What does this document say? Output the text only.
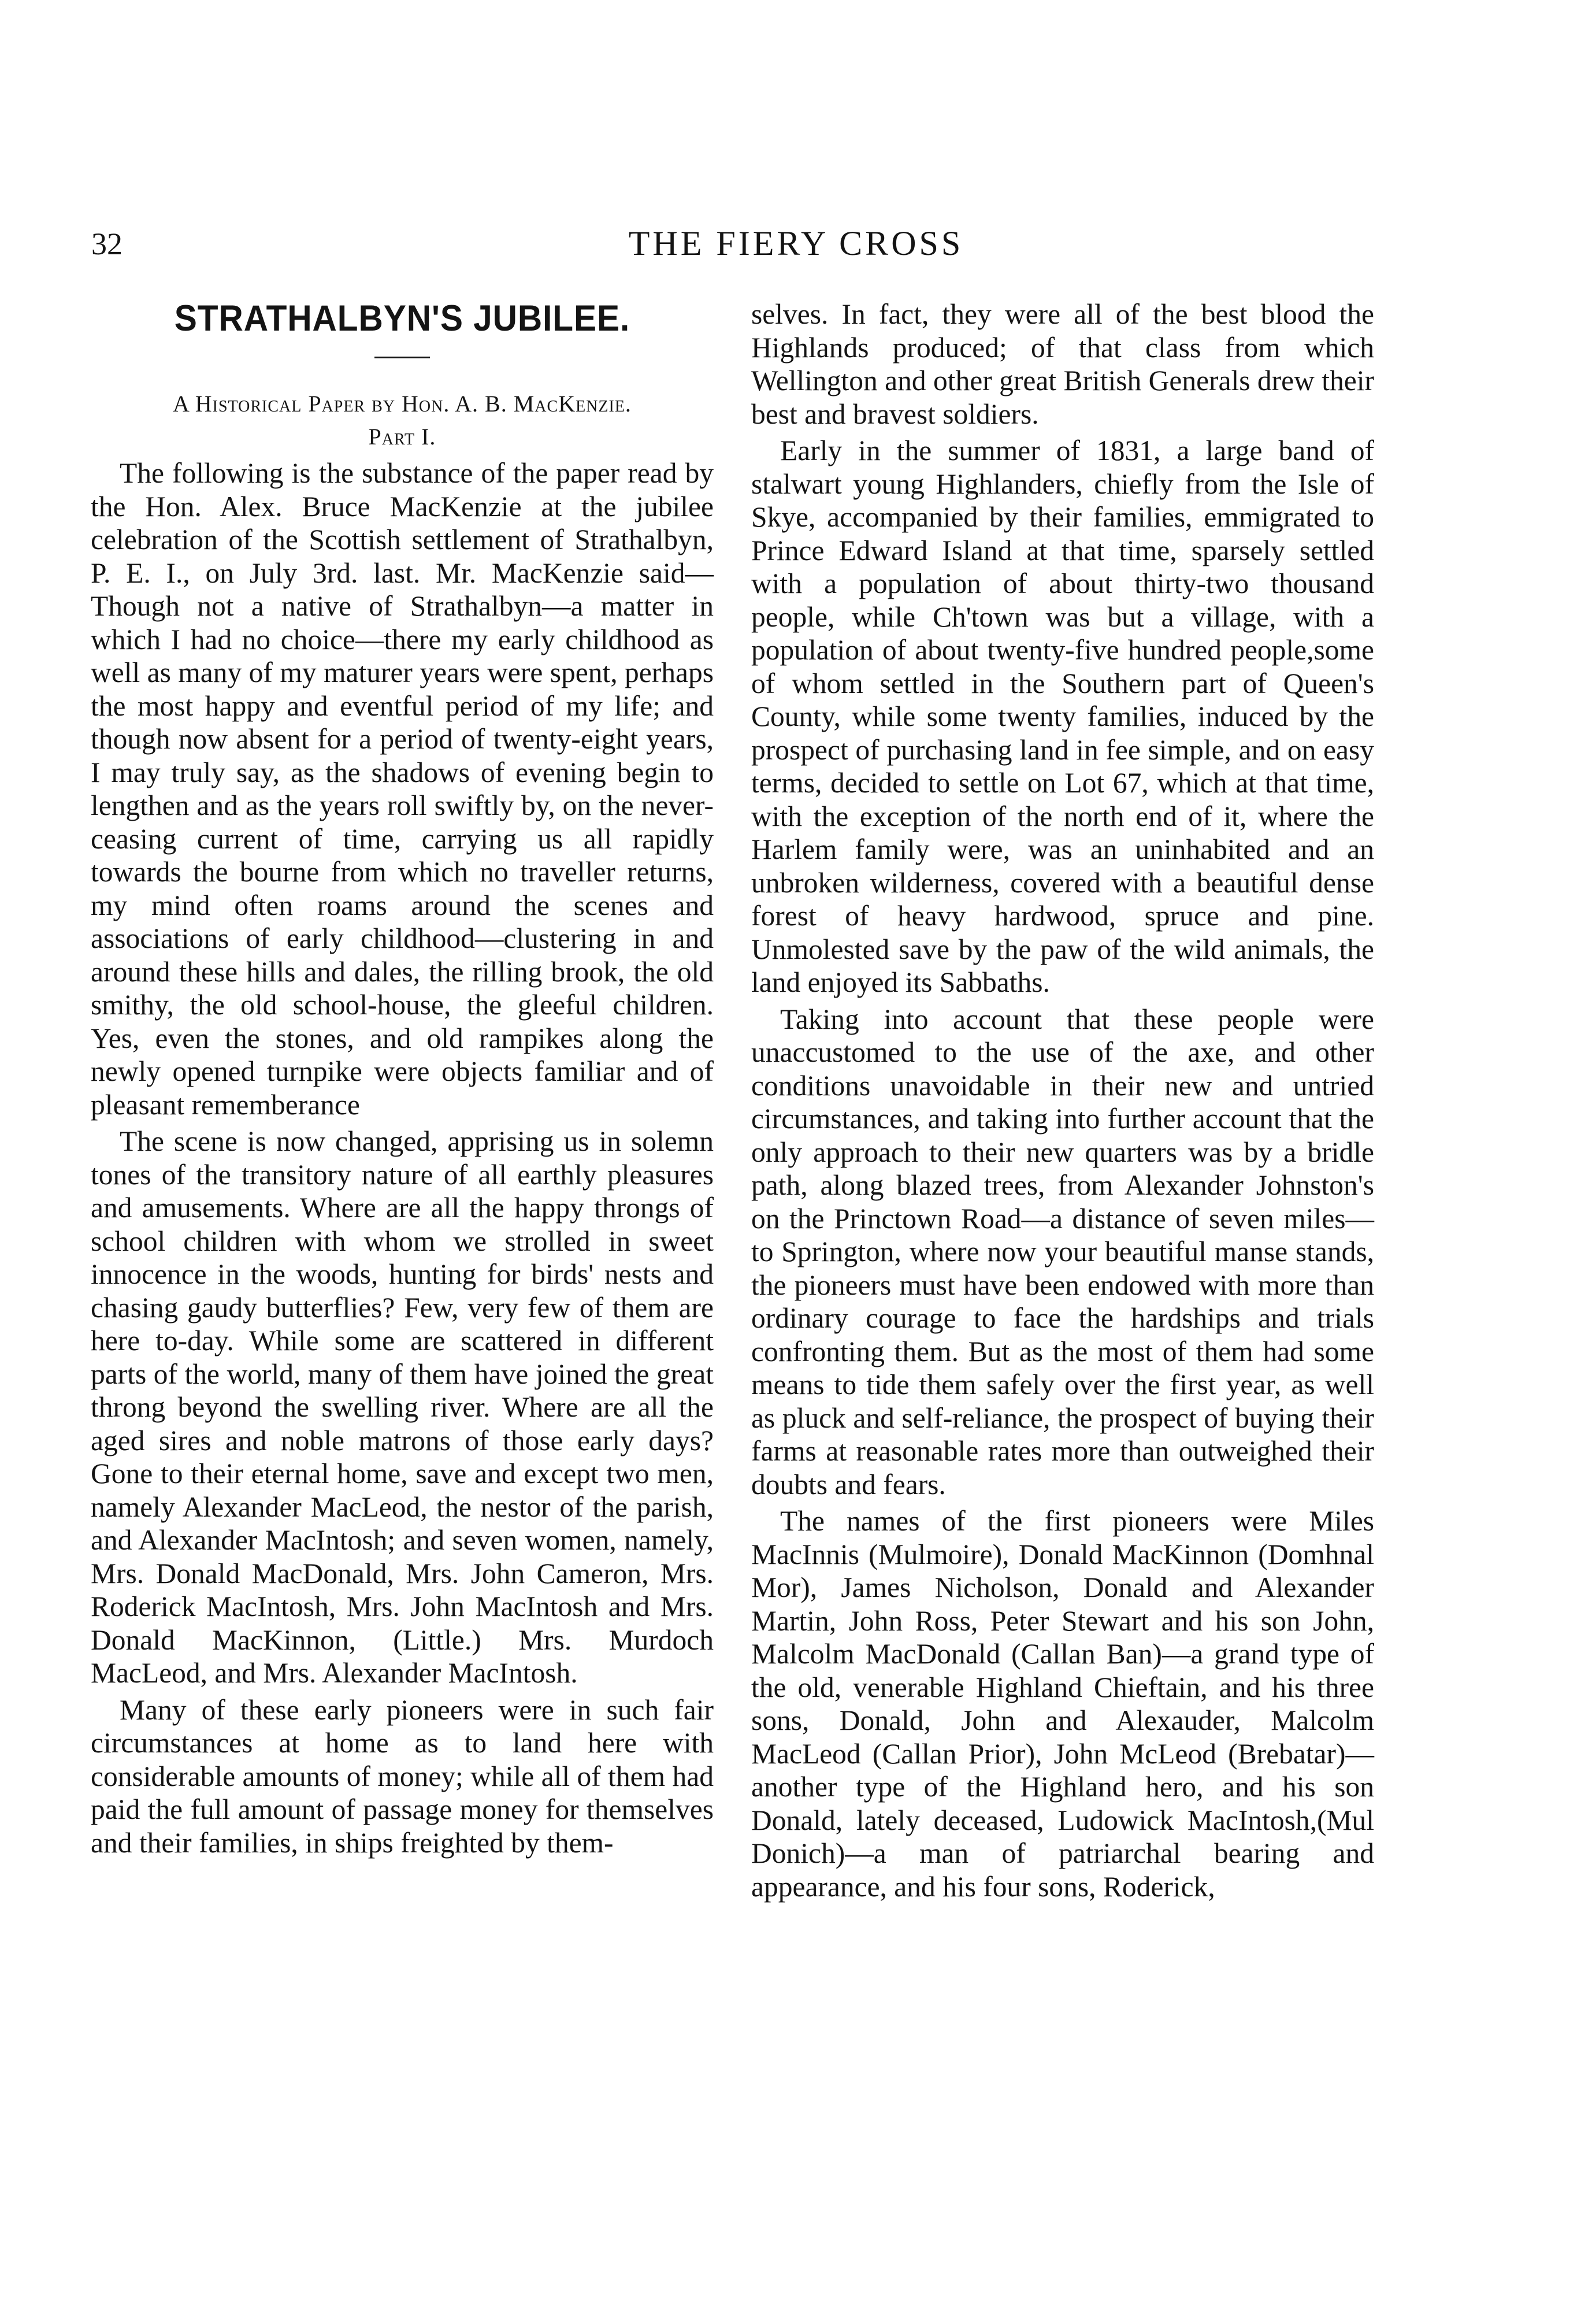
32	THE FIERY CROSS
STRATHALBYN'S JUBILEE.
A Historical Paper by Hon. A. B. MacKenzie.
Part I.

The following is the substance of the paper read by the Hon. Alex. Bruce MacKenzie at the jubilee celebration of the Scottish settlement of Strathalbyn, P. E. I., on July 3rd. last. Mr. MacKenzie said—Though not a native of Strathalbyn—a matter in which I had no choice—there my early childhood as well as many of my maturer years were spent, perhaps the most happy and eventful period of my life; and though now absent for a period of twenty-eight years, I may truly say, as the shadows of evening begin to lengthen and as the years roll swiftly by, on the never-ceasing current of time, carrying us all rapidly towards the bourne from which no traveller returns, my mind often roams around the scenes and associations of early childhood—clustering in and around these hills and dales, the rilling brook, the old smithy, the old school-house, the gleeful children. Yes, even the stones, and old rampikes along the newly opened turnpike were objects familiar and of pleasant rememberance

The scene is now changed, apprising us in solemn tones of the transitory nature of all earthly pleasures and amusements. Where are all the happy throngs of school children with whom we strolled in sweet innocence in the woods, hunting for birds' nests and chasing gaudy butterflies? Few, very few of them are here to-day. While some are scattered in different parts of the world, many of them have joined the great throng beyond the swelling river. Where are all the aged sires and noble matrons of those early days? Gone to their eternal home, save and except two men, namely Alexander MacLeod, the nestor of the parish, and Alexander MacIntosh; and seven women, namely, Mrs. Donald MacDonald, Mrs. John Cameron, Mrs. Roderick MacIntosh, Mrs. John MacIntosh and Mrs. Donald MacKinnon, (Little.) Mrs. Murdoch MacLeod, and Mrs. Alexander MacIntosh.

Many of these early pioneers were in such fair circumstances at home as to land here with considerable amounts of money; while all of them had paid the full amount of passage money for themselves and their families, in ships freighted by them-

selves. In fact, they were all of the best blood the Highlands produced; of that class from which Wellington and other great British Generals drew their best and bravest soldiers.

Early in the summer of 1831, a large band of stalwart young Highlanders, chiefly from the Isle of Skye, accompanied by their families, emmigrated to Prince Edward Island at that time, sparsely settled with a population of about thirty-two thousand people, while Ch'town was but a village, with a population of about twenty-five hundred people,some of whom settled in the Southern part of Queen's County, while some twenty families, induced by the prospect of purchasing land in fee simple, and on easy terms, decided to settle on Lot 67, which at that time, with the exception of the north end of it, where the Harlem family were, was an uninhabited and an unbroken wilderness, covered with a beautiful dense forest of heavy hardwood, spruce and pine. Unmolested save by the paw of the wild animals, the land enjoyed its Sabbaths.

Taking into account that these people were unaccustomed to the use of the axe, and other conditions unavoidable in their new and untried circumstances, and taking into further account that the only approach to their new quarters was by a bridle path, along blazed trees, from Alexander Johnston's on the Princtown Road—a distance of seven miles—to Springton, where now your beautiful manse stands, the pioneers must have been endowed with more than ordinary courage to face the hardships and trials confronting them. But as the most of them had some means to tide them safely over the first year, as well as pluck and self-reliance, the prospect of buying their farms at reasonable rates more than outweighed their doubts and fears.

The names of the first pioneers were Miles MacInnis (Mulmoire), Donald MacKinnon (Domhnal Mor), James Nicholson, Donald and Alexander Martin, John Ross, Peter Stewart and his son John, Malcolm MacDonald (Callan Ban)—a grand type of the old, venerable Highland Chieftain, and his three sons, Donald, John and Alexauder, Malcolm MacLeod (Callan Prior), John McLeod (Brebatar)—another type of the Highland hero, and his son Donald, lately deceased, Ludowick MacIntosh,(Mul Donich)—a man of patriarchal bearing and appearance, and his four sons, Roderick,
